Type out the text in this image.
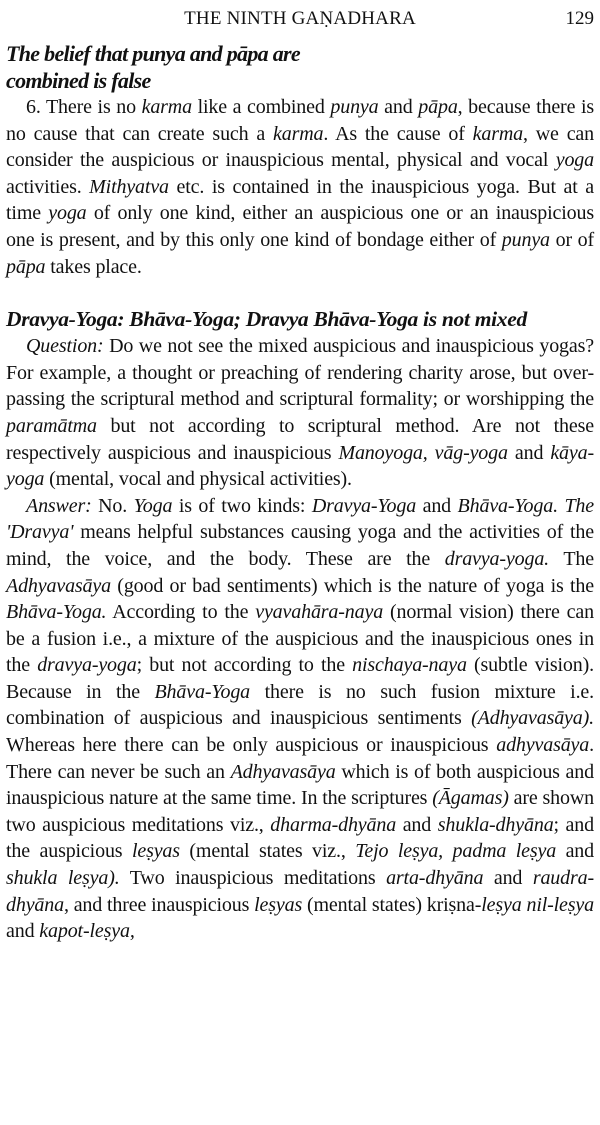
THE NINTH GAṆADHARA	129
The belief that punya and pāpa are combined is false

6. There is no karma like a combined punya and pāpa, because there is no cause that can create such a karma. As the cause of karma, we can consider the auspicious or inauspicious mental, physical and vocal yoga activities. Mithyatva etc. is contained in the inauspicious yoga. But at a time yoga of only one kind, either an auspicious one or an inauspicious one is present, and by this only one kind of bondage either of punya or of pāpa takes place.

Dravya-Yoga: Bhāva-Yoga; Dravya Bhāva-Yoga is not mixed

Question: Do we not see the mixed auspicious and inauspicious yogas? For example, a thought or preaching of rendering charity arose, but over-passing the scriptural method and scriptural formality; or worshipping the paramātma but not according to scriptural method. Are not these respectively auspicious and inauspicious Manoyoga, vāg-yoga and kāya-yoga (mental, vocal and physical activities).

Answer: No. Yoga is of two kinds: Dravya-Yoga and Bhāva-Yoga. The 'Dravya' means helpful substances causing yoga and the activities of the mind, the voice, and the body. These are the dravya-yoga. The Adhyavasāya (good or bad sentiments) which is the nature of yoga is the Bhāva-Yoga. According to the vyavahāra-naya (normal vision) there can be a fusion i.e., a mixture of the auspicious and the inauspicious ones in the dravya-yoga; but not according to the nischaya-naya (subtle vision). Because in the Bhāva-Yoga there is no such fusion mixture i.e. combination of auspicious and inauspicious sentiments (Adhyavasāya). Whereas here there can be only auspicious or inauspicious adhyvasāya. There can never be such an Adhyavasāya which is of both auspicious and inauspicious nature at the same time. In the scriptures (Āgamas) are shown two auspicious meditations viz., dharma-dhyāna and shukla-dhyāna; and the auspicious leṣyas (mental states viz., Tejo leṣya, padma leṣya and shukla leṣya). Two inauspicious meditations arta-dhyāna and raudra-dhyāna, and three inauspicious leṣyas (mental states) kriṣna-leṣya nil-leṣya and kapot-leṣya,
